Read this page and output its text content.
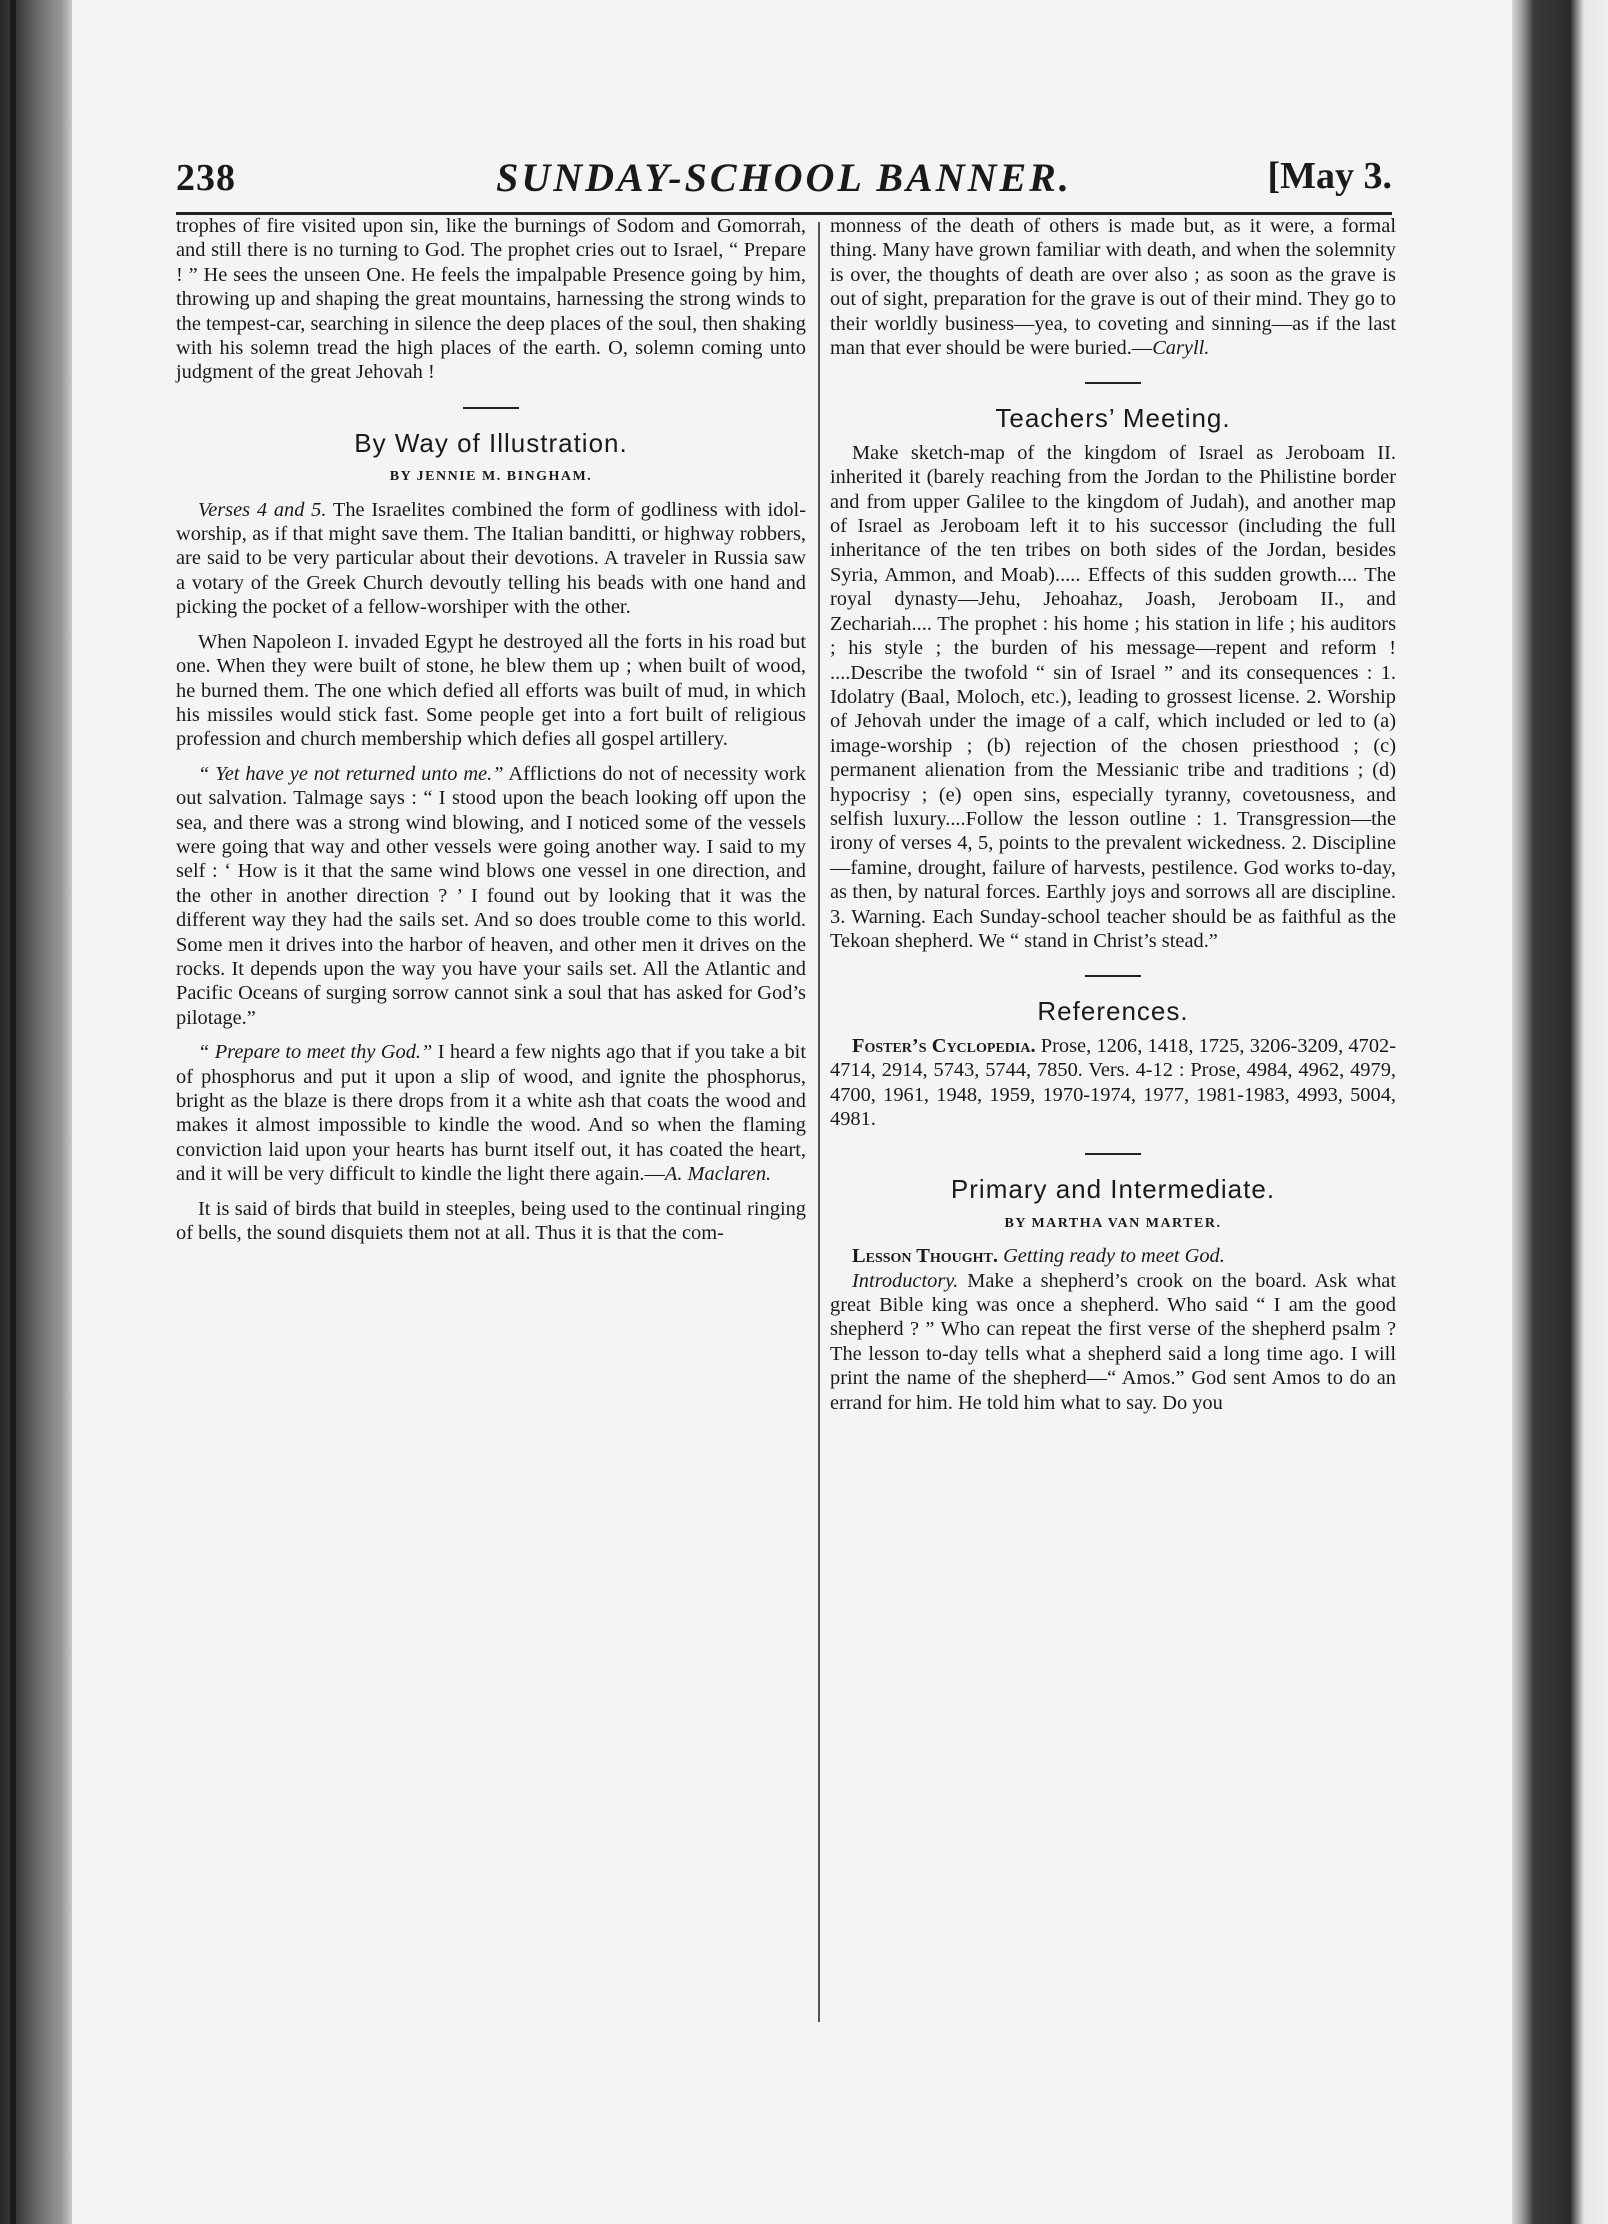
238	SUNDAY-SCHOOL BANNER.	[May 3.

trophes of fire visited upon sin, like the burnings of Sodom and Gomorrah, and still there is no turning to God. The prophet cries out to Israel, “ Prepare ! ” He sees the unseen One. He feels the impalpable Presence going by him, throwing up and shaping the great mountains, harnessing the strong winds to the tempest-car, searching in silence the deep places of the soul, then shaking with his solemn tread the high places of the earth. O, solemn coming unto judgment of the great Jehovah !

By Way of Illustration.
BY JENNIE M. BINGHAM.

Verses 4 and 5. The Israelites combined the form of godliness with idol-worship, as if that might save them. The Italian banditti, or highway robbers, are said to be very particular about their devotions. A traveler in Russia saw a votary of the Greek Church devoutly telling his beads with one hand and picking the pocket of a fellow-worshiper with the other.

When Napoleon I. invaded Egypt he destroyed all the forts in his road but one. When they were built of stone, he blew them up ; when built of wood, he burned them. The one which defied all efforts was built of mud, in which his missiles would stick fast. Some people get into a fort built of religious profession and church membership which defies all gospel artillery.

“ Yet have ye not returned unto me.” Afflictions do not of necessity work out salvation. Talmage says : “ I stood upon the beach looking off upon the sea, and there was a strong wind blowing, and I noticed some of the vessels were going that way and other vessels were going another way. I said to my self : ‘ How is it that the same wind blows one vessel in one direction, and the other in another direction ? ’ I found out by looking that it was the different way they had the sails set. And so does trouble come to this world. Some men it drives into the harbor of heaven, and other men it drives on the rocks. It depends upon the way you have your sails set. All the Atlantic and Pacific Oceans of surging sorrow cannot sink a soul that has asked for God’s pilotage.”

“ Prepare to meet thy God.” I heard a few nights ago that if you take a bit of phosphorus and put it upon a slip of wood, and ignite the phosphorus, bright as the blaze is there drops from it a white ash that coats the wood and makes it almost impossible to kindle the wood. And so when the flaming conviction laid upon your hearts has burnt itself out, it has coated the heart, and it will be very difficult to kindle the light there again.—A. Maclaren.

It is said of birds that build in steeples, being used to the continual ringing of bells, the sound disquiets them not at all. Thus it is that the com-

monness of the death of others is made but, as it were, a formal thing. Many have grown familiar with death, and when the solemnity is over, the thoughts of death are over also ; as soon as the grave is out of sight, preparation for the grave is out of their mind. They go to their worldly business—yea, to coveting and sinning—as if the last man that ever should be were buried.—Caryll.

Teachers’ Meeting.

Make sketch-map of the kingdom of Israel as Jeroboam II. inherited it (barely reaching from the Jordan to the Philistine border and from upper Galilee to the kingdom of Judah), and another map of Israel as Jeroboam left it to his successor (including the full inheritance of the ten tribes on both sides of the Jordan, besides Syria, Ammon, and Moab)..... Effects of this sudden growth.... The royal dynasty—Jehu, Jehoahaz, Joash, Jeroboam II., and Zechariah.... The prophet : his home ; his station in life ; his auditors ; his style ; the burden of his message—repent and reform ! ....Describe the twofold “ sin of Israel ” and its consequences : 1. Idolatry (Baal, Moloch, etc.), leading to grossest license. 2. Worship of Jehovah under the image of a calf, which included or led to (a) image-worship ; (b) rejection of the chosen priesthood ; (c) permanent alienation from the Messianic tribe and traditions ; (d) hypocrisy ; (e) open sins, especially tyranny, covetousness, and selfish luxury....Follow the lesson outline : 1. Transgression—the irony of verses 4, 5, points to the prevalent wickedness. 2. Discipline—famine, drought, failure of harvests, pestilence. God works to-day, as then, by natural forces. Earthly joys and sorrows all are discipline. 3. Warning. Each Sunday-school teacher should be as faithful as the Tekoan shepherd. We “ stand in Christ’s stead.”

References.

Foster’s Cyclopedia. Prose, 1206, 1418, 1725, 3206-3209, 4702-4714, 2914, 5743, 5744, 7850. Vers. 4-12 : Prose, 4984, 4962, 4979, 4700, 1961, 1948, 1959, 1970-1974, 1977, 1981-1983, 4993, 5004, 4981.

Primary and Intermediate.
BY MARTHA VAN MARTER.

Lesson Thought. Getting ready to meet God.

Introductory. Make a shepherd’s crook on the board. Ask what great Bible king was once a shepherd. Who said “ I am the good shepherd ? ” Who can repeat the first verse of the shepherd psalm ? The lesson to-day tells what a shepherd said a long time ago. I will print the name of the shepherd—“ Amos.” God sent Amos to do an errand for him. He told him what to say. Do you
